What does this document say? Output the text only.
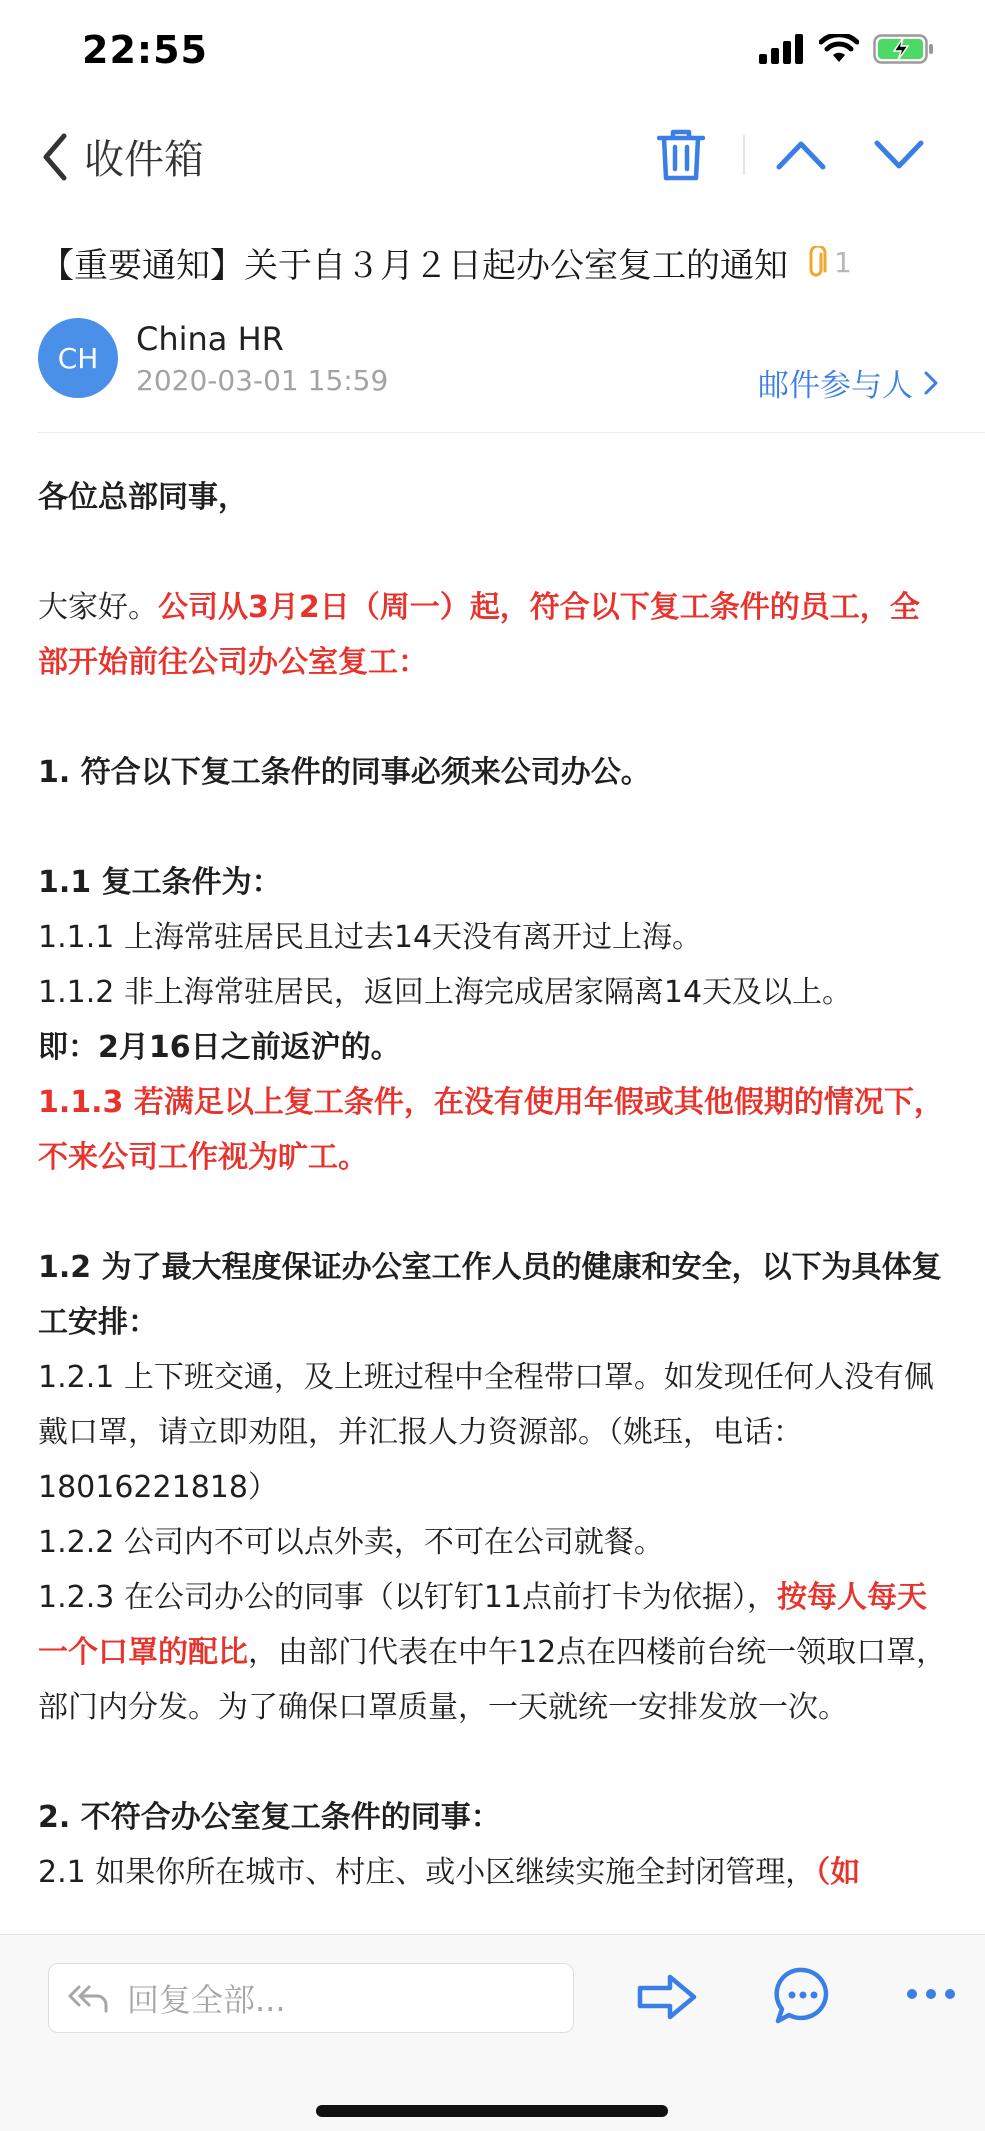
22:55
收件箱
【重要通知】关于自３月２日起办公室复工的通知 1
CH	China HR
2020-03-01 15:59	邮件参与人

各位总部同事，

大家好。公司从3月2日（周一）起，符合以下复工条件的员工，全部开始前往公司办公室复工：

1. 符合以下复工条件的同事必须来公司办公。

1.1 复工条件为：

1.1.1 上海常驻居民且过去14天没有离开过上海。

1.1.2 非上海常驻居民，返回上海完成居家隔离14天及以上。

即：2月16日之前返沪的。

1.1.3 若满足以上复工条件，在没有使用年假或其他假期的情况下，不来公司工作视为旷工。

1.2 为了最大程度保证办公室工作人员的健康和安全，以下为具体复工安排：

1.2.1 上下班交通，及上班过程中全程带口罩。如发现任何人没有佩戴口罩，请立即劝阻，并汇报人力资源部。（姚珏，电话：18016221818）

1.2.2 公司内不可以点外卖，不可在公司就餐。

1.2.3 在公司办公的同事（以钉钉11点前打卡为依据），按每人每天一个口罩的配比，由部门代表在中午12点在四楼前台统一领取口罩，部门内分发。为了确保口罩质量，一天就统一安排发放一次。

2. 不符合办公室复工条件的同事：

2.1 如果你所在城市、村庄、或小区继续实施全封闭管理，（如

回复全部...
